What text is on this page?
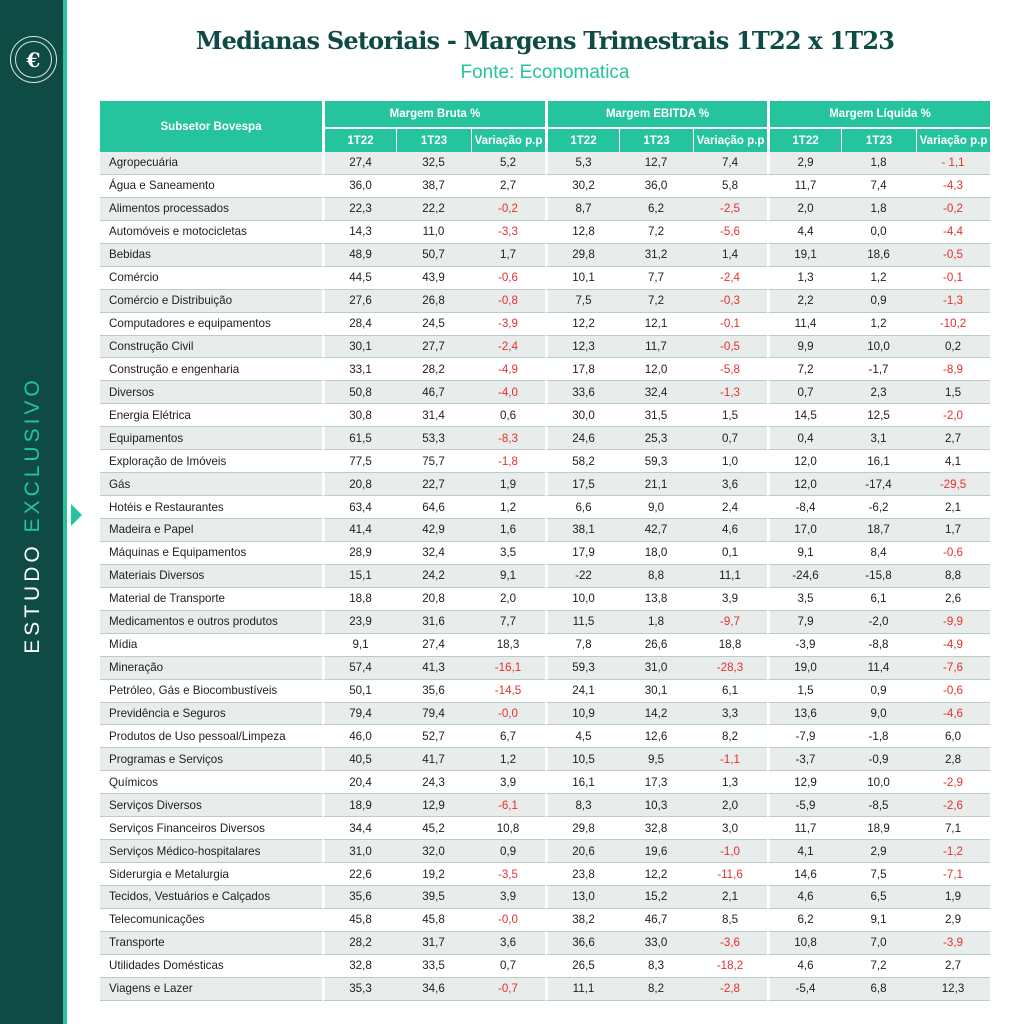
€
ESTUDO EXCLUSIVO
Medianas Setoriais - Margens Trimestrais 1T22 x 1T23
Fonte: Economatica
Subsetor Bovespa	Margem Bruta %			Margem EBITDA %			Margem Líquida %		
	1T22	1T23	Variação p.p	1T22	1T23	Variação p.p	1T22	1T23	Variação p.p
Agropecuária	27,4	32,5	5,2	5,3	12,7	7,4	2,9	1,8	- 1,1
Água e Saneamento	36,0	38,7	2,7	30,2	36,0	5,8	11,7	7,4	-4,3
Alimentos processados	22,3	22,2	-0,2	8,7	6,2	-2,5	2,0	1,8	-0,2
Automóveis e motocicletas	14,3	11,0	-3,3	12,8	7,2	-5,6	4,4	0,0	-4,4
Bebidas	48,9	50,7	1,7	29,8	31,2	1,4	19,1	18,6	-0,5
Comércio	44,5	43,9	-0,6	10,1	7,7	-2,4	1,3	1,2	-0,1
Comércio e Distribuição	27,6	26,8	-0,8	7,5	7,2	-0,3	2,2	0,9	-1,3
Computadores e equipamentos	28,4	24,5	-3,9	12,2	12,1	-0,1	11,4	1,2	-10,2
Construção Civil	30,1	27,7	-2,4	12,3	11,7	-0,5	9,9	10,0	0,2
Construção e engenharia	33,1	28,2	-4,9	17,8	12,0	-5,8	7,2	-1,7	-8,9
Diversos	50,8	46,7	-4,0	33,6	32,4	-1,3	0,7	2,3	1,5
Energia Elétrica	30,8	31,4	0,6	30,0	31,5	1,5	14,5	12,5	-2,0
Equipamentos	61,5	53,3	-8,3	24,6	25,3	0,7	0,4	3,1	2,7
Exploração de Imóveis	77,5	75,7	-1,8	58,2	59,3	1,0	12,0	16,1	4,1
Gás	20,8	22,7	1,9	17,5	21,1	3,6	12,0	-17,4	-29,5
Hotéis e Restaurantes	63,4	64,6	1,2	6,6	9,0	2,4	-8,4	-6,2	2,1
Madeira e Papel	41,4	42,9	1,6	38,1	42,7	4,6	17,0	18,7	1,7
Máquinas e Equipamentos	28,9	32,4	3,5	17,9	18,0	0,1	9,1	8,4	-0,6
Materiais Diversos	15,1	24,2	9,1	-22	8,8	11,1	-24,6	-15,8	8,8
Material de Transporte	18,8	20,8	2,0	10,0	13,8	3,9	3,5	6,1	2,6
Medicamentos e outros produtos	23,9	31,6	7,7	11,5	1,8	-9,7	7,9	-2,0	-9,9
Mídia	9,1	27,4	18,3	7,8	26,6	18,8	-3,9	-8,8	-4,9
Mineração	57,4	41,3	-16,1	59,3	31,0	-28,3	19,0	11,4	-7,6
Petróleo, Gás e Biocombustíveis	50,1	35,6	-14,5	24,1	30,1	6,1	1,5	0,9	-0,6
Previdência e Seguros	79,4	79,4	-0,0	10,9	14,2	3,3	13,6	9,0	-4,6
Produtos de Uso pessoal/Limpeza	46,0	52,7	6,7	4,5	12,6	8,2	-7,9	-1,8	6,0
Programas e Serviços	40,5	41,7	1,2	10,5	9,5	-1,1	-3,7	-0,9	2,8
Químicos	20,4	24,3	3,9	16,1	17,3	1,3	12,9	10,0	-2,9
Serviços Diversos	18,9	12,9	-6,1	8,3	10,3	2,0	-5,9	-8,5	-2,6
Serviços Financeiros Diversos	34,4	45,2	10,8	29,8	32,8	3,0	11,7	18,9	7,1
Serviços Médico-hospitalares	31,0	32,0	0,9	20,6	19,6	-1,0	4,1	2,9	-1,2
Siderurgia e Metalurgia	22,6	19,2	-3,5	23,8	12,2	-11,6	14,6	7,5	-7,1
Tecidos, Vestuários e Calçados	35,6	39,5	3,9	13,0	15,2	2,1	4,6	6,5	1,9
Telecomunicações	45,8	45,8	-0,0	38,2	46,7	8,5	6,2	9,1	2,9
Transporte	28,2	31,7	3,6	36,6	33,0	-3,6	10,8	7,0	-3,9
Utilidades Domésticas	32,8	33,5	0,7	26,5	8,3	-18,2	4,6	7,2	2,7
Viagens e Lazer	35,3	34,6	-0,7	11,1	8,2	-2,8	-5,4	6,8	12,3
